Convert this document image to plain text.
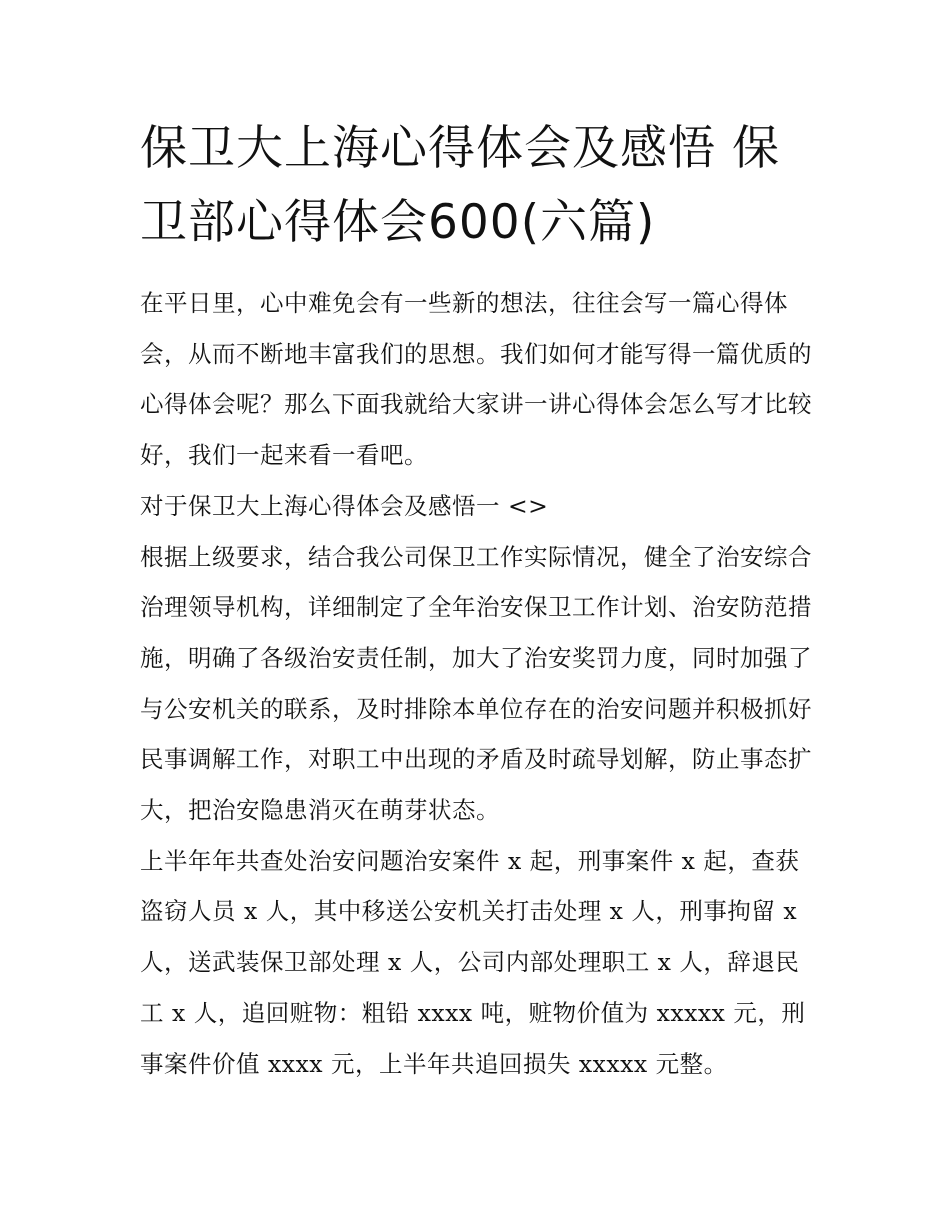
保卫大上海心得体会及感悟 保卫部心得体会600(六篇)

在平日里，心中难免会有一些新的想法，往往会写一篇心得体会，从而不断地丰富我们的思想。我们如何才能写得一篇优质的心得体会呢？那么下面我就给大家讲一讲心得体会怎么写才比较好，我们一起来看一看吧。

对于保卫大上海心得体会及感悟一 <>

根据上级要求，结合我公司保卫工作实际情况，健全了治安综合治理领导机构，详细制定了全年治安保卫工作计划、治安防范措施，明确了各级治安责任制，加大了治安奖罚力度，同时加强了与公安机关的联系，及时排除本单位存在的治安问题并积极抓好民事调解工作，对职工中出现的矛盾及时疏导划解，防止事态扩大，把治安隐患消灭在萌芽状态。

上半年年共查处治安问题治安案件 x 起，刑事案件 x 起，查获盗窃人员 x 人，其中移送公安机关打击处理 x 人，刑事拘留 x 人，送武装保卫部处理 x 人，公司内部处理职工 x 人，辞退民工 x 人，追回赃物：粗铅 xxxx 吨，赃物价值为 xxxxx 元，刑事案件价值 xxxx 元，上半年共追回损失 xxxxx 元整。
